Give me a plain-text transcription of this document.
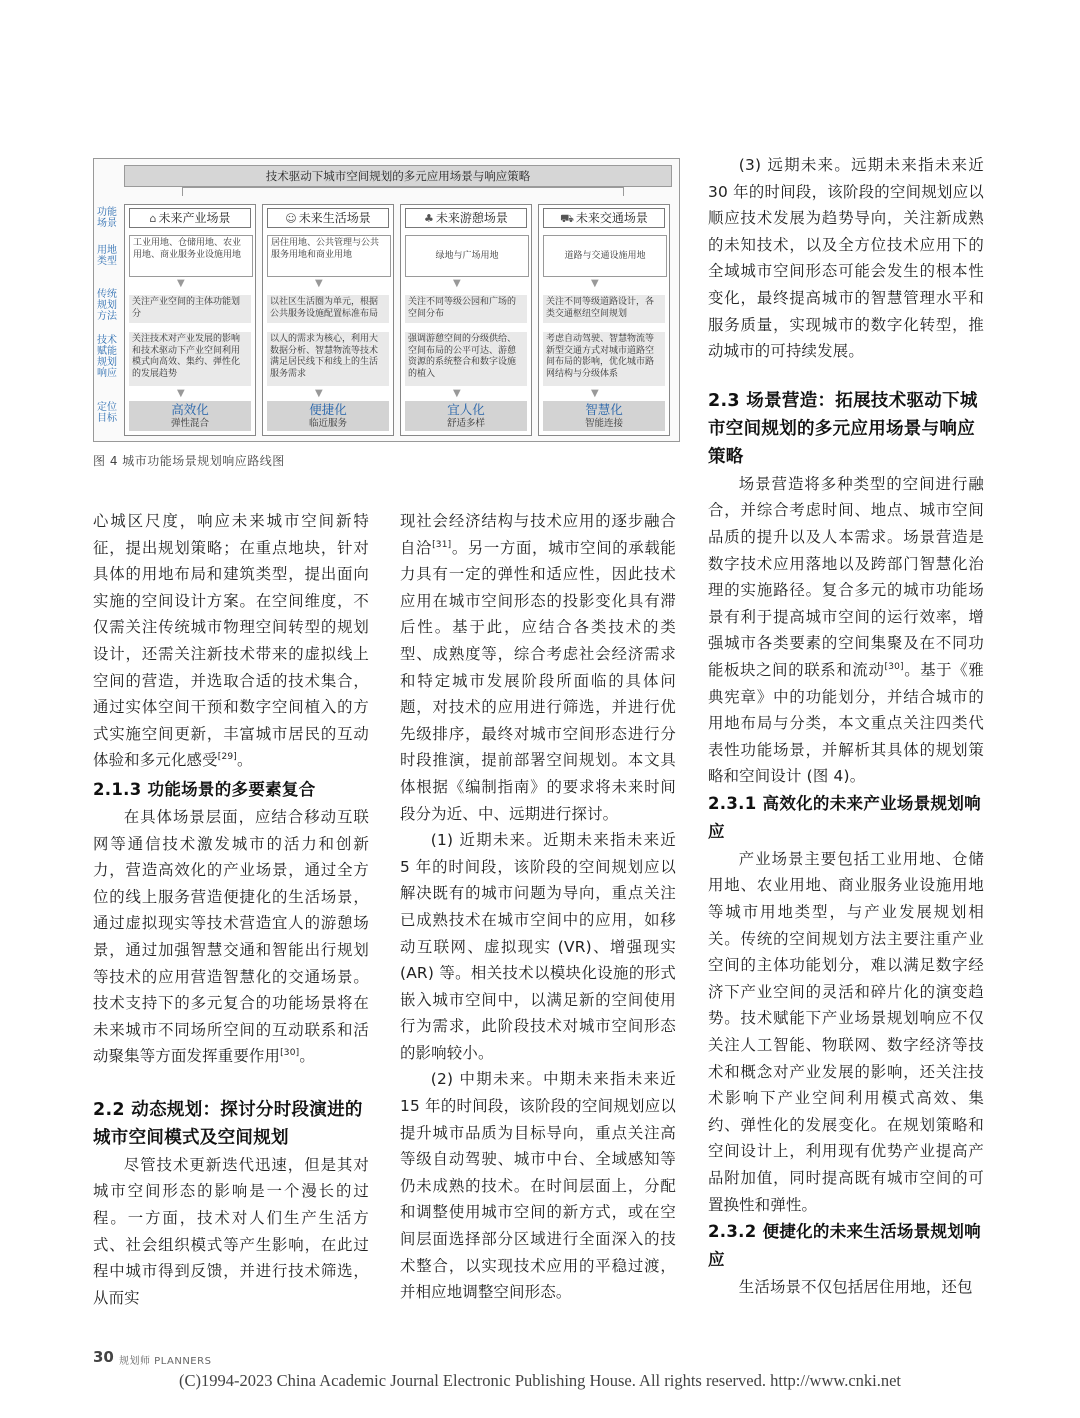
技术驱动下城市空间规划的多元应用场景与响应策略
功能场景
用地类型
传统规划方法
技术赋能规划响应
定位目标
⌂ 未来产业场景
工业用地、仓储用地、农业用地、商业服务业设施用地
▼
关注产业空间的主体功能划分
关注技术对产业发展的影响和技术驱动下产业空间利用模式向高效、集约、弹性化的发展趋势
▼
高效化
弹性混合
☺ 未来生活场景
居住用地、公共管理与公共服务用地和商业用地
▼
以社区生活圈为单元，根据公共服务设施配置标准布局
以人的需求为核心，利用大数据分析、智慧物流等技术满足居民线下和线上的生活服务需求
▼
便捷化
临近服务
♣ 未来游憩场景
绿地与广场用地
▼
关注不同等级公园和广场的空间分布
强调游憩空间的分级供给、空间布局的公平可达、游憩资源的系统整合和数字设施的植入
▼
宜人化
舒适多样
⛟ 未来交通场景
道路与交通设施用地
▼
关注不同等级道路设计，各类交通枢纽空间规划
考虑自动驾驶、智慧物流等新型交通方式对城市道路空间布局的影响，优化城市路网结构与分级体系
▼
智慧化
智能连接
图 4 城市功能场景规划响应路线图

心城区尺度，响应未来城市空间新特征，提出规划策略；在重点地块，针对具体的用地布局和建筑类型，提出面向实施的空间设计方案。在空间维度，不仅需关注传统城市物理空间转型的规划设计，还需关注新技术带来的虚拟线上空间的营造，并选取合适的技术集合，通过实体空间干预和数字空间植入的方式实施空间更新，丰富城市居民的互动体验和多元化感受[29]。

2.1.3 功能场景的多要素复合

在具体场景层面，应结合移动互联网等通信技术激发城市的活力和创新力，营造高效化的产业场景，通过全方位的线上服务营造便捷化的生活场景，通过虚拟现实等技术营造宜人的游憩场景，通过加强智慧交通和智能出行规划等技术的应用营造智慧化的交通场景。技术支持下的多元复合的功能场景将在未来城市不同场所空间的互动联系和活动聚集等方面发挥重要作用[30]。

2.2 动态规划：探讨分时段演进的城市空间模式及空间规划

尽管技术更新迭代迅速，但是其对城市空间形态的影响是一个漫长的过程。一方面，技术对人们生产生活方式、社会组织模式等产生影响，在此过程中城市得到反馈，并进行技术筛选，从而实

现社会经济结构与技术应用的逐步融合自洽[31]。另一方面，城市空间的承载能力具有一定的弹性和适应性，因此技术应用在城市空间形态的投影变化具有滞后性。基于此，应结合各类技术的类型、成熟度等，综合考虑社会经济需求和特定城市发展阶段所面临的具体问题，对技术的应用进行筛选，并进行优先级排序，最终对城市空间形态进行分时段推演，提前部署空间规划。本文具体根据《编制指南》的要求将未来时间段分为近、中、远期进行探讨。

(1) 近期未来。近期未来指未来近 5 年的时间段，该阶段的空间规划应以解决既有的城市问题为导向，重点关注已成熟技术在城市空间中的应用，如移动互联网、虚拟现实 (VR)、增强现实 (AR) 等。相关技术以模块化设施的形式嵌入城市空间中，以满足新的空间使用行为需求，此阶段技术对城市空间形态的影响较小。

(2) 中期未来。中期未来指未来近 15 年的时间段，该阶段的空间规划应以提升城市品质为目标导向，重点关注高等级自动驾驶、城市中台、全域感知等仍未成熟的技术。在时间层面上，分配和调整使用城市空间的新方式，或在空间层面选择部分区域进行全面深入的技术整合，以实现技术应用的平稳过渡，并相应地调整空间形态。

(3) 远期未来。远期未来指未来近 30 年的时间段，该阶段的空间规划应以顺应技术发展为趋势导向，关注新成熟的未知技术，以及全方位技术应用下的全域城市空间形态可能会发生的根本性变化，最终提高城市的智慧管理水平和服务质量，实现城市的数字化转型，推动城市的可持续发展。

2.3 场景营造：拓展技术驱动下城市空间规划的多元应用场景与响应策略

场景营造将多种类型的空间进行融合，并综合考虑时间、地点、城市空间品质的提升以及人本需求。场景营造是数字技术应用落地以及跨部门智慧化治理的实施路径。复合多元的城市功能场景有利于提高城市空间的运行效率，增强城市各类要素的空间集聚及在不同功能板块之间的联系和流动[30]。基于《雅典宪章》中的功能划分，并结合城市的用地布局与分类，本文重点关注四类代表性功能场景，并解析其具体的规划策略和空间设计 (图 4)。

2.3.1 高效化的未来产业场景规划响应

产业场景主要包括工业用地、仓储用地、农业用地、商业服务业设施用地等城市用地类型，与产业发展规划相关。传统的空间规划方法主要注重产业空间的主体功能划分，难以满足数字经济下产业空间的灵活和碎片化的演变趋势。技术赋能下产业场景规划响应不仅关注人工智能、物联网、数字经济等技术和概念对产业发展的影响，还关注技术影响下产业空间利用模式高效、集约、弹性化的发展变化。在规划策略和空间设计上，利用现有优势产业提高产品附加值，同时提高既有城市空间的可置换性和弹性。

2.3.2 便捷化的未来生活场景规划响应

生活场景不仅包括居住用地，还包

30 规划师 PLANNERS
(C)1994-2023 China Academic Journal Electronic Publishing House. All rights reserved. http://www.cnki.net
